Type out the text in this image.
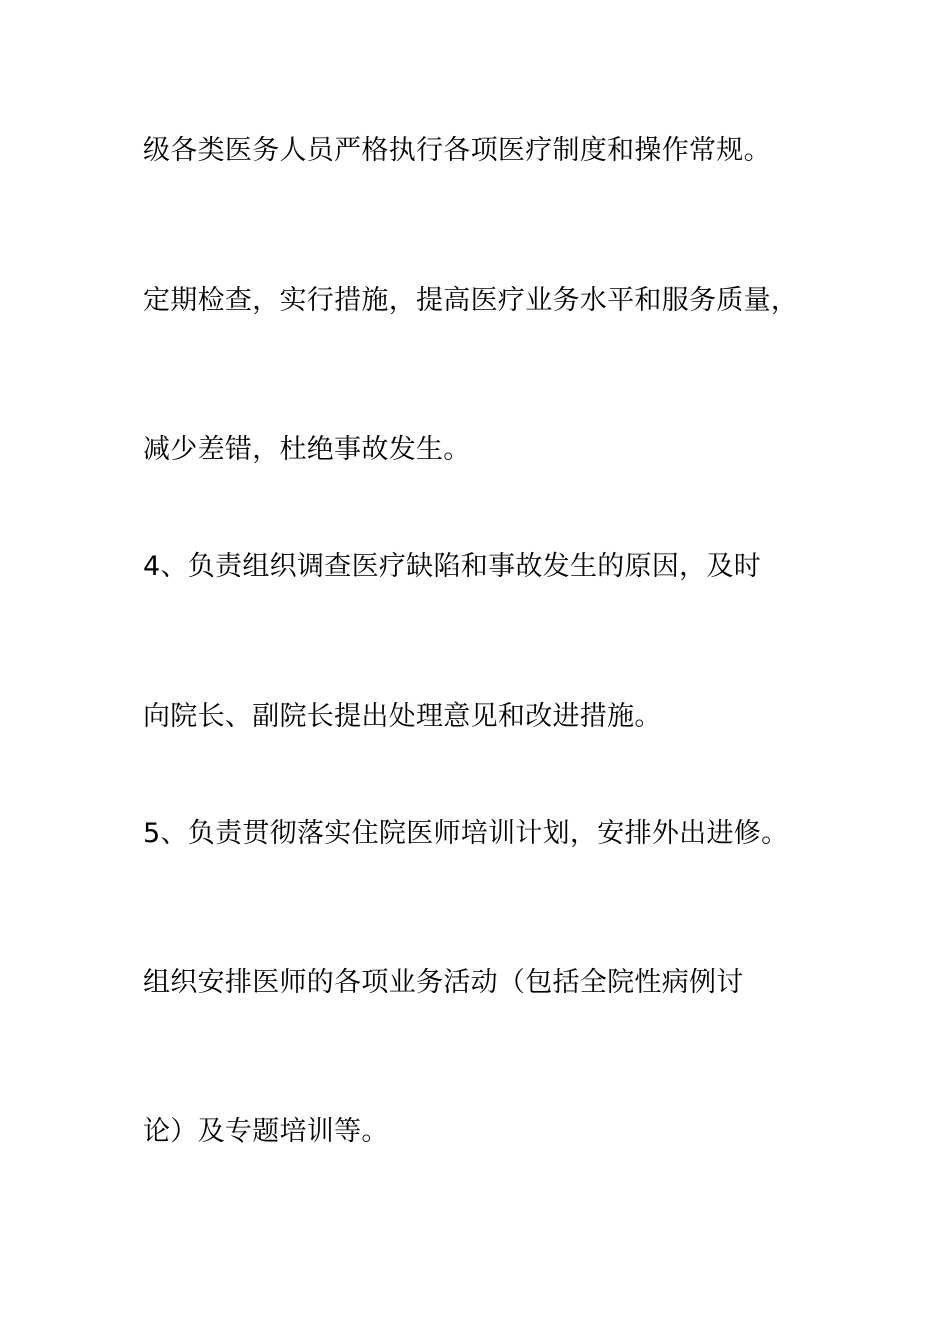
级各类医务人员严格执行各项医疗制度和操作常规。
定期检查，实行措施，提高医疗业务水平和服务质量，
减少差错，杜绝事故发生。
4、负责组织调查医疗缺陷和事故发生的原因，及时
向院长、副院长提出处理意见和改进措施。
5、负责贯彻落实住院医师培训计划，安排外出进修。
组织安排医师的各项业务活动（包括全院性病例讨
论）及专题培训等。
